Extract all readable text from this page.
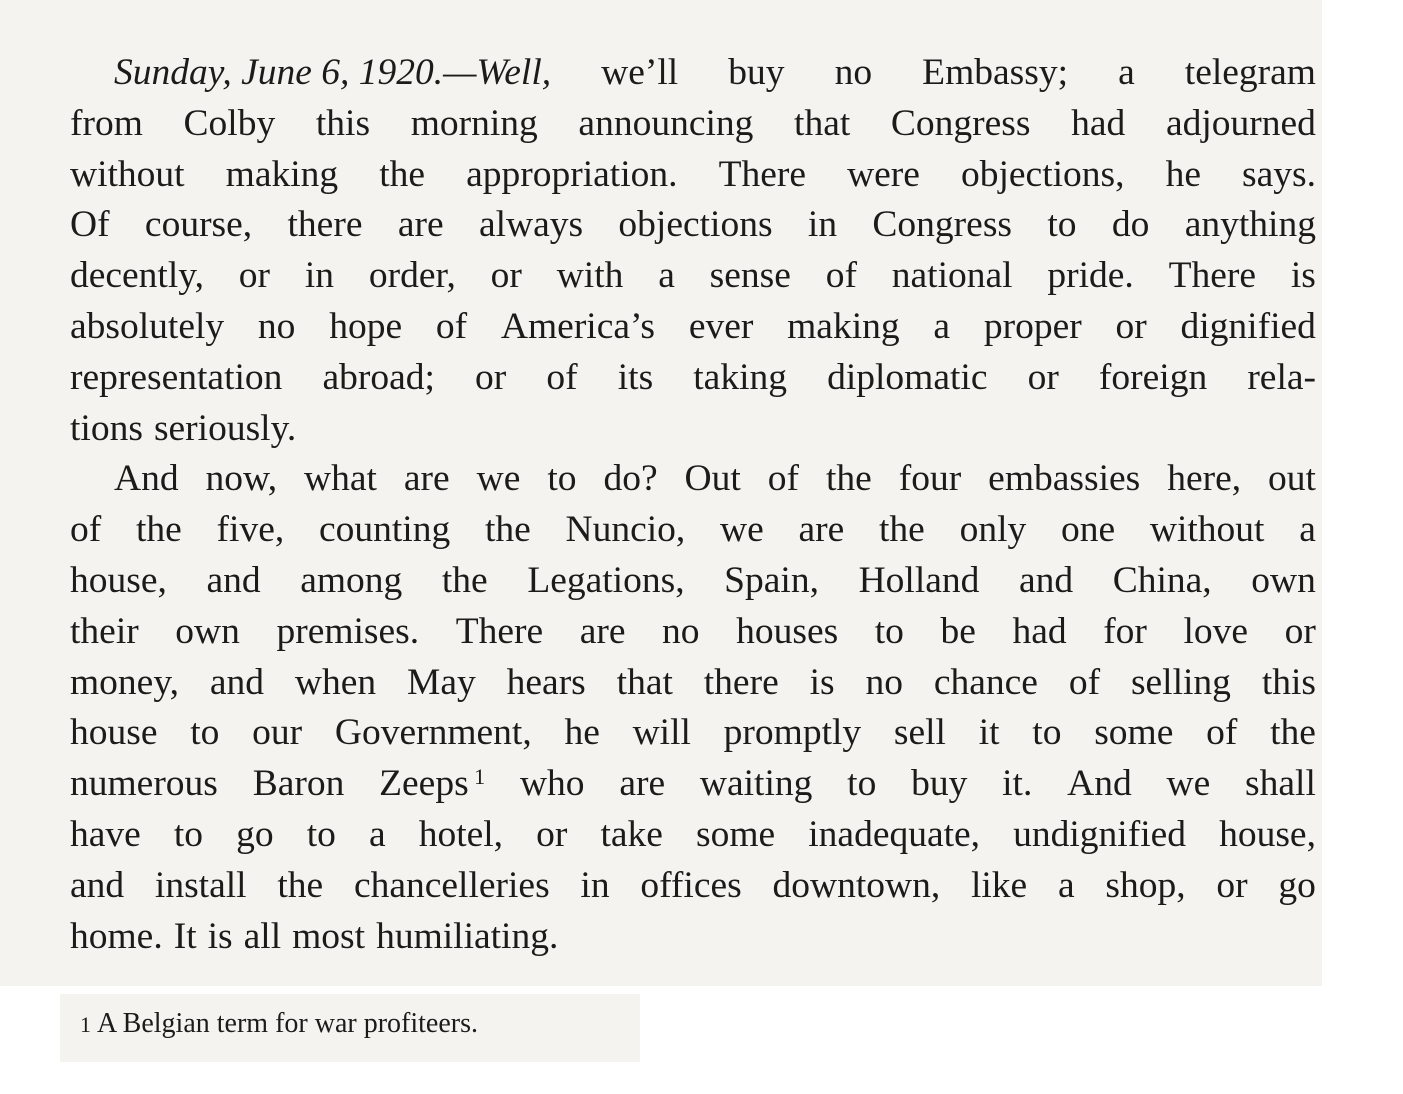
Sunday, June 6, 1920.—Well, we’ll buy no Embassy; a telegram
from Colby this morning announcing that Congress had adjourned
without making the appropriation. There were objections, he says.
Of course, there are always objections in Congress to do anything
decently, or in order, or with a sense of national pride. There is
absolutely no hope of America’s ever making a proper or dignified
representation abroad; or of its taking diplomatic or foreign rela-
tions seriously.
And now, what are we to do? Out of the four embassies here, out
of the five, counting the Nuncio, we are the only one without a
house, and among the Legations, Spain, Holland and China, own
their own premises. There are no houses to be had for love or
money, and when May hears that there is no chance of selling this
house to our Government, he will promptly sell it to some of the
numerous Baron Zeeps $^1$ who are waiting to buy it. And we shall
have to go to a hotel, or take some inadequate, undignified house,
and install the chancelleries in offices downtown, like a shop, or go
home. It is all most humiliating.
1 A Belgian term for war profiteers.
